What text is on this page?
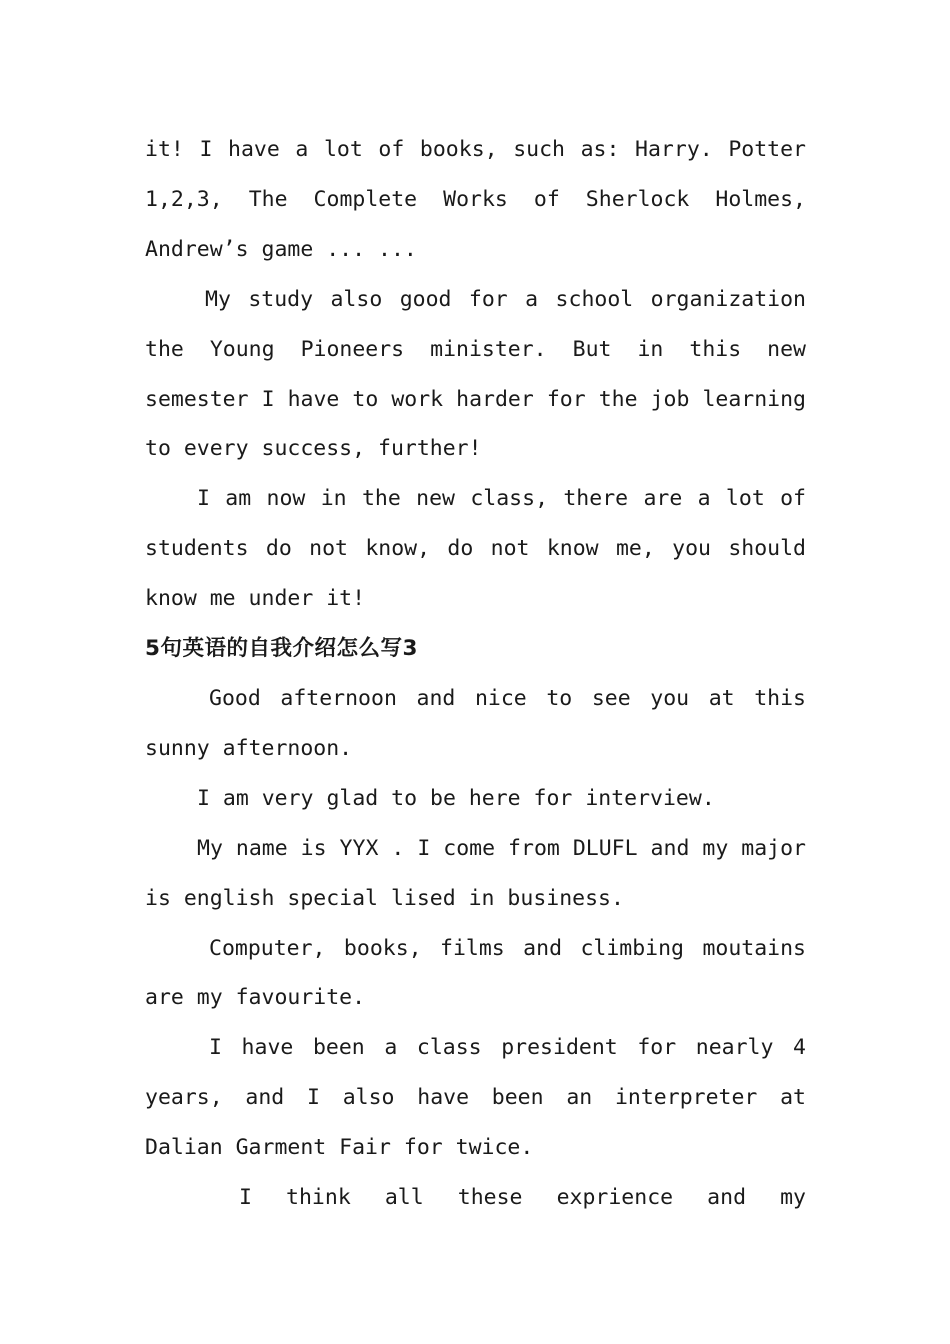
it! I have a lot of books, such as: Harry. Potter 1,2,3, The Complete Works of Sherlock Holmes, Andrew’s game ... ...

My study also good for a school organization the Young Pioneers minister. But in this new semester I have to work harder for the job learning to every success, further!

I am now in the new class, there are a lot of students do not know, do not know me, you should know me under it!

5句英语的自我介绍怎么写3

Good afternoon and nice to see you at this sunny afternoon.

I am very glad to be here for interview.

My name is YYX . I come from DLUFL and my major is english special lised in business.

Computer, books, films and climbing moutains are my favourite.

I have been a class president for nearly 4 years, and I also have been an interpreter at Dalian Garment Fair for twice.

I think all these exprience and my
